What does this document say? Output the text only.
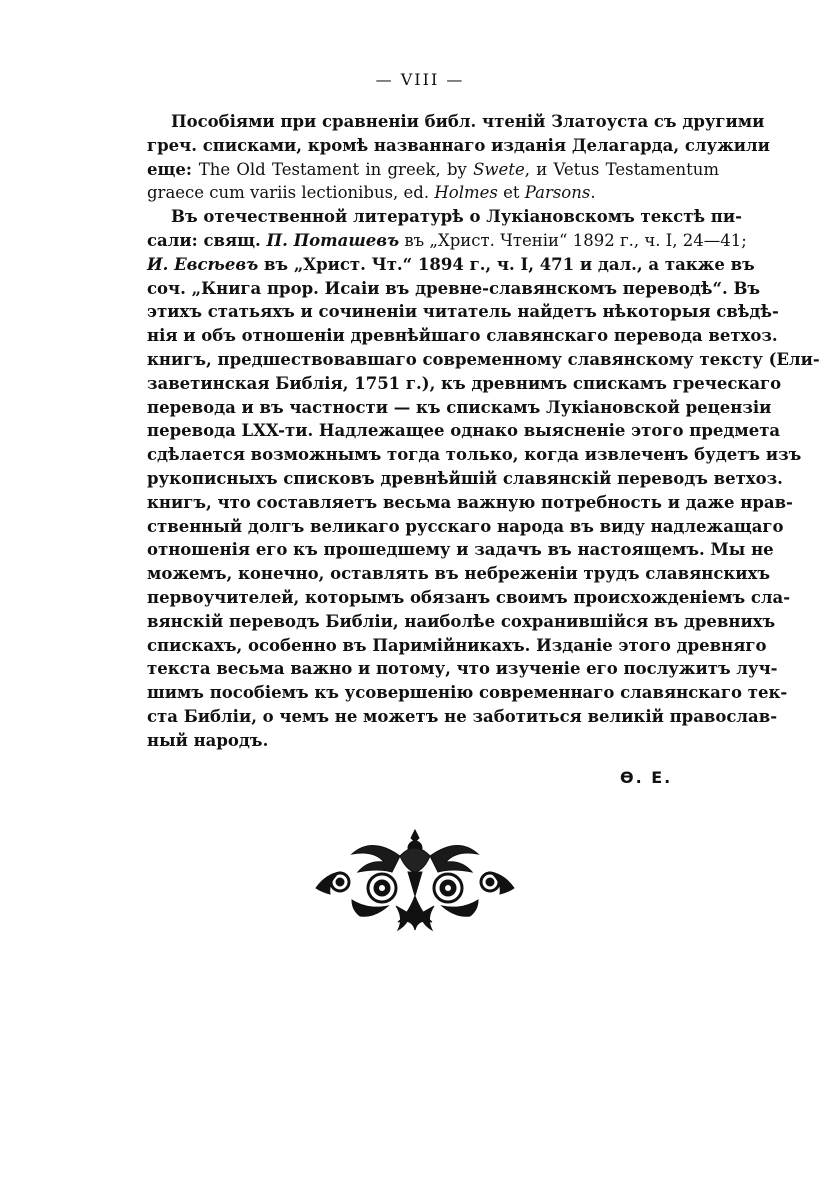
— VIII —
Пособіями при сравненіи библ. чтеній Златоуста съ другими
греч. списками, кромѣ названнаго изданія Делагарда, служили
еще: The Old Testament in greek, by Swete, и Vetus Testamentum
graece cum variis lectionibus, ed. Holmes et Parsons.
Въ отечественной литературѣ о Лукіановскомъ текстѣ пи-
сали: свящ. П. Поташевъ въ „Христ. Чтеніи“ 1892 г., ч. I, 24—41;
И. Евсѣевъ въ „Христ. Чт.“ 1894 г., ч. I, 471 и дал., а также въ
соч. „Книга прор. Исаіи въ древне-славянскомъ переводѣ“. Въ
этихъ статьяхъ и сочиненіи читатель найдетъ нѣкоторыя свѣдѣ-
нія и объ отношеніи древнѣйшаго славянскаго перевода ветхоз.
книгъ, предшествовавшаго современному славянскому тексту (Ели-
заветинская Библія, 1751 г.), къ древнимъ спискамъ греческаго
перевода и въ частности — къ спискамъ Лукіановской рецензіи
перевода LXX-ти. Надлежащее однако выясненіе этого предмета
сдѣлается возможнымъ тогда только, когда извлеченъ будетъ изъ
рукописныхъ списковъ древнѣйшій славянскій переводъ ветхоз.
книгъ, что составляетъ весьма важную потребность и даже нрав-
ственный долгъ великаго русскаго народа въ виду надлежащаго
отношенія его къ прошедшему и задачъ въ настоящемъ. Мы не
можемъ, конечно, оставлять въ небреженіи трудъ славянскихъ
первоучителей, которымъ обязанъ своимъ происхожденіемъ сла-
вянскій переводъ Библіи, наиболѣе сохранившійся въ древнихъ
спискахъ, особенно въ Паримійникахъ. Изданіе этого древняго
текста весьма важно и потому, что изученіе его послужитъ луч-
шимъ пособіемъ къ усовершенію современнаго славянскаго тек-
ста Библіи, о чемъ не можетъ не заботиться великій православ-
ный народъ.
Ѳ. Е.
